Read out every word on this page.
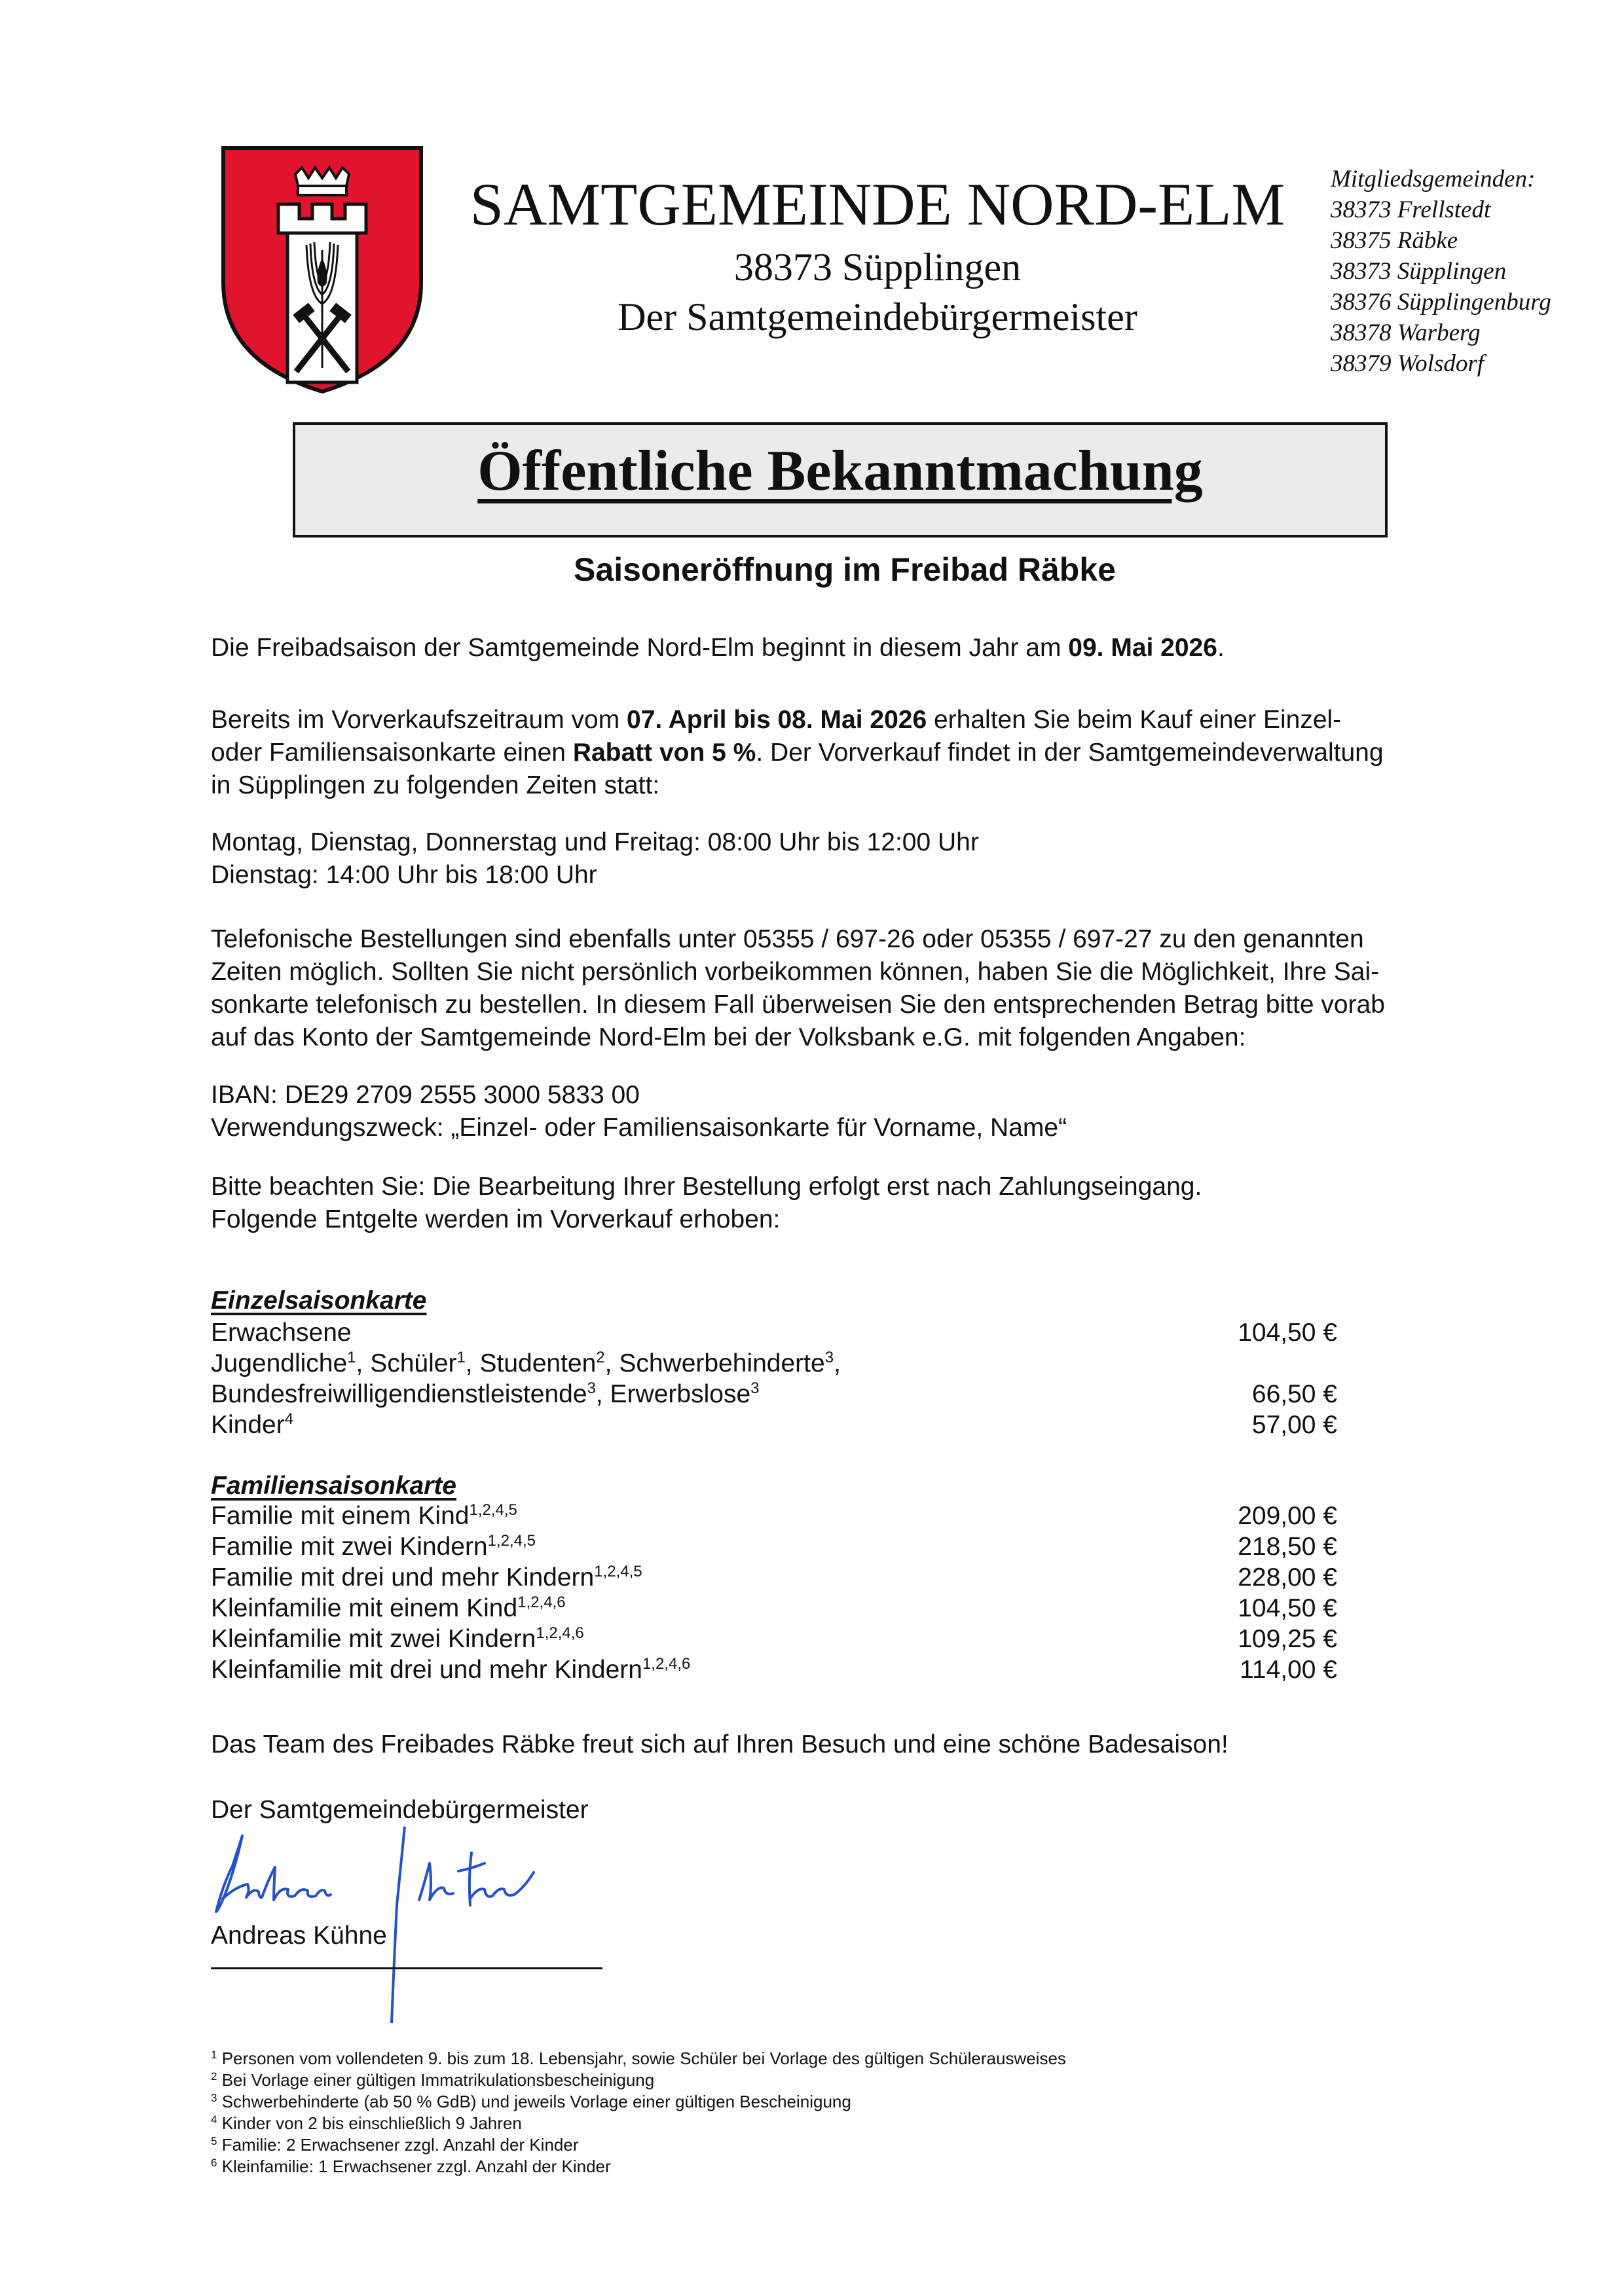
SAMTGEMEINDE NORD-ELM
38373 Süpplingen
Der Samtgemeindebürgermeister
Mitgliedsgemeinden:
38373 Frellstedt
38375 Räbke
38373 Süpplingen
38376 Süpplingenburg
38378 Warberg
38379 Wolsdorf
Öffentliche Bekanntmachung
Saisoneröffnung im Freibad Räbke
Die Freibadsaison der Samtgemeinde Nord-Elm beginnt in diesem Jahr am 09. Mai 2026.
Bereits im Vorverkaufszeitraum vom 07. April bis 08. Mai 2026 erhalten Sie beim Kauf einer Einzel-
oder Familiensaisonkarte einen Rabatt von 5 %. Der Vorverkauf findet in der Samtgemeindeverwaltung
in Süpplingen zu folgenden Zeiten statt:
Montag, Dienstag, Donnerstag und Freitag: 08:00 Uhr bis 12:00 Uhr
Dienstag: 14:00 Uhr bis 18:00 Uhr
Telefonische Bestellungen sind ebenfalls unter 05355 / 697-26 oder 05355 / 697-27 zu den genannten
Zeiten möglich. Sollten Sie nicht persönlich vorbeikommen können, haben Sie die Möglichkeit, Ihre Sai-
sonkarte telefonisch zu bestellen. In diesem Fall überweisen Sie den entsprechenden Betrag bitte vorab
auf das Konto der Samtgemeinde Nord-Elm bei der Volksbank e.G. mit folgenden Angaben:
IBAN: DE29 2709 2555 3000 5833 00
Verwendungszweck: „Einzel- oder Familiensaisonkarte für Vorname, Name“
Bitte beachten Sie: Die Bearbeitung Ihrer Bestellung erfolgt erst nach Zahlungseingang.
Folgende Entgelte werden im Vorverkauf erhoben:
Einzelsaisonkarte
Erwachsene	104,50 €
Jugendliche$^1$, Schüler$^1$, Studenten$^2$, Schwerbehinderte$^3$,
Bundesfreiwilligendienstleistende$^3$, Erwerbslose$^3$	66,50 €
Kinder$^4$	57,00 €
Familiensaisonkarte
Familie mit einem Kind$^{1,2,4,5}$	209,00 €
Familie mit zwei Kindern$^{1,2,4,5}$	218,50 €
Familie mit drei und mehr Kindern$^{1,2,4,5}$	228,00 €
Kleinfamilie mit einem Kind$^{1,2,4,6}$	104,50 €
Kleinfamilie mit zwei Kindern$^{1,2,4,6}$	109,25 €
Kleinfamilie mit drei und mehr Kindern$^{1,2,4,6}$	114,00 €
Das Team des Freibades Räbke freut sich auf Ihren Besuch und eine schöne Badesaison!
Der Samtgemeindebürgermeister
Andreas Kühne
$^1$ Personen vom vollendeten 9. bis zum 18. Lebensjahr, sowie Schüler bei Vorlage des gültigen Schülerausweises
$^2$ Bei Vorlage einer gültigen Immatrikulationsbescheinigung
$^3$ Schwerbehinderte (ab 50 % GdB) und jeweils Vorlage einer gültigen Bescheinigung
$^4$ Kinder von 2 bis einschließlich 9 Jahren
$^5$ Familie: 2 Erwachsener zzgl. Anzahl der Kinder
$^6$ Kleinfamilie: 1 Erwachsener zzgl. Anzahl der Kinder
